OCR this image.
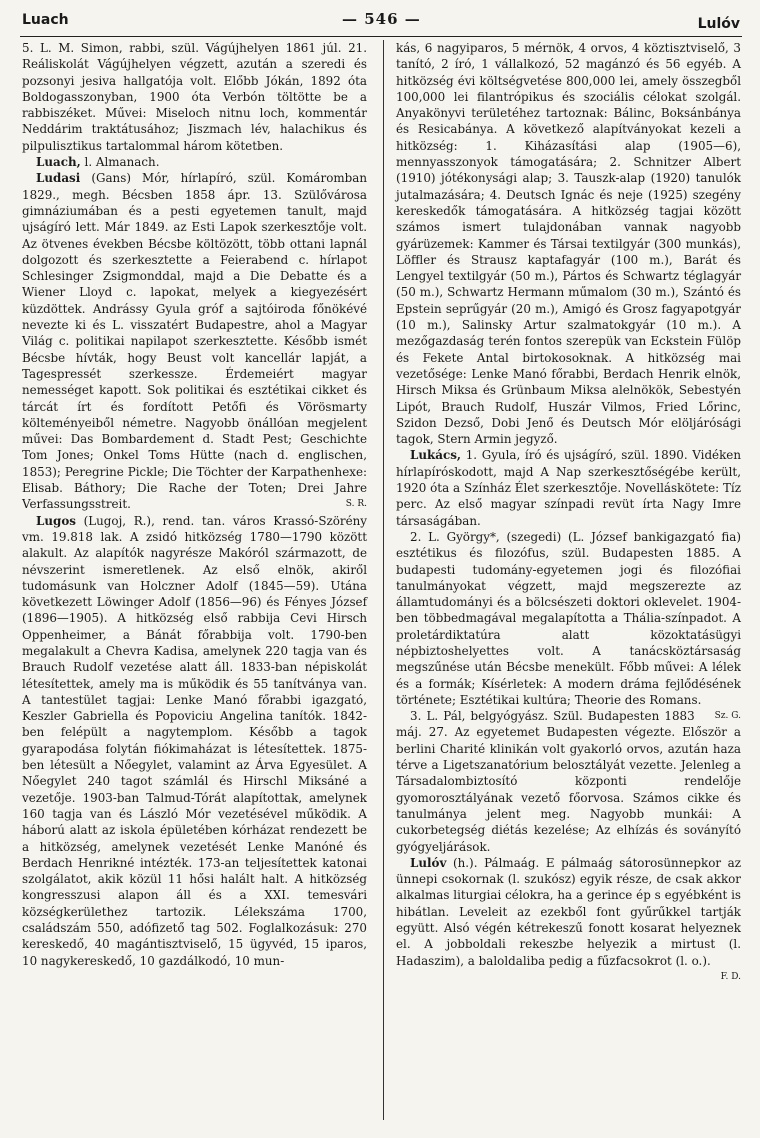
Luach	— 546 —	Lulóv

5. L. M. Simon, rabbi, szül. Vágújhelyen 1861 júl. 21. Reáliskolát Vágújhelyen végzett, azután a szeredi és pozsonyi jesiva hallgatója volt. Előbb Jókán, 1892 óta Boldogasszonyban, 1900 óta Verbón töltötte be a rabbiszéket. Művei: Miseloch nitnu loch, kommentár Neddárim traktátusához; Jiszmach lév, halachikus és pilpulisztikus tartalommal három kötetben.

Luach, l. Almanach.

Ludasi (Gans) Mór, hírlapíró, szül. Komáromban 1829., megh. Bécsben 1858 ápr. 13. Szülővárosa gimnáziumában és a pesti egyetemen tanult, majd ujságíró lett. Már 1849. az Esti Lapok szerkesztője volt. Az ötvenes években Bécsbe költözött, több ottani lapnál dolgozott és szerkesztette a Feierabend c. hírlapot Schlesinger Zsigmonddal, majd a Die Debatte és a Wiener Lloyd c. lapokat, melyek a kiegyezésért küzdöttek. Andrássy Gyula gróf a sajtóiroda főnökévé nevezte ki és L. visszatért Budapestre, ahol a Magyar Világ c. politikai napilapot szerkesztette. Később ismét Bécsbe hívták, hogy Beust volt kancellár lapját, a Tagespressét szerkessze. Érdemeiért magyar nemességet kapott. Sok politikai és esztétikai cikket és tárcát írt és fordított Petőfi és Vörösmarty költeményeiből németre. Nagyobb önállóan megjelent művei: Das Bombardement d. Stadt Pest; Geschichte Tom Jones; Onkel Toms Hütte (nach d. englischen, 1853); Peregrine Pickle; Die Töchter der Karpathenhexe: Elisab. Báthory; Die Rache der Toten; Drei Jahre Verfassungsstreit.	S. R.

Lugos (Lugoj, R.), rend. tan. város Krassó-Szörény vm. 19.818 lak. A zsidó hitközség 1780—1790 között alakult. Az alapítók nagyrésze Makóról származott, de névszerint ismeretlenek. Az első elnök, akiről tudomásunk van Holczner Adolf (1845—59). Utána következett Löwinger Adolf (1856—96) és Fényes József (1896—1905). A hitközség első rabbija Cevi Hirsch Oppenheimer, a Bánát főrabbija volt. 1790-ben megalakult a Chevra Kadisa, amelynek 220 tagja van és Brauch Rudolf vezetése alatt áll. 1833-ban népiskolát létesítettek, amely ma is működik és 55 tanítványa van. A tantestület tagjai: Lenke Manó főrabbi igazgató, Keszler Gabriella és Popoviciu Angelina tanítók. 1842-ben felépült a nagytemplom. Később a tagok gyarapodása folytán fiókimaházat is létesítettek. 1875-ben létesült a Nőegylet, valamint az Árva Egyesület. A Nőegylet 240 tagot számlál és Hirschl Miksáné a vezetője. 1903-ban Talmud-Tórát alapítottak, amelynek 160 tagja van és László Mór vezetésével működik. A háború alatt az iskola épületében kórházat rendezett be a hitközség, amelynek vezetését Lenke Manóné és Berdach Henrikné intézték. 173-an teljesítettek katonai szolgálatot, akik közül 11 hősi halált halt. A hitközség kongresszusi alapon áll és a XXI. temesvári községkerülethez tartozik. Lélekszáma 1700, családszám 550, adófizető tag 502. Foglalkozásuk: 270 kereskedő, 40 magántisztviselő, 15 ügyvéd, 15 iparos, 10 nagykereskedő, 10 gazdálkodó, 10 mun-

kás, 6 nagyiparos, 5 mérnök, 4 orvos, 4 köztisztviselő, 3 tanító, 2 író, 1 vállalkozó, 52 magánzó és 56 egyéb. A hitközség évi költségvetése 800,000 lei, amely összegből 100,000 lei filantrópikus és szociális célokat szolgál. Anyakönyvi területéhez tartoznak: Bálinc, Boksánbánya és Resicabánya. A következő alapítványokat kezeli a hitközség: 1. Kiházasítási alap (1905—6), mennyasszonyok támogatására; 2. Schnitzer Albert (1910) jótékonysági alap; 3. Tauszk-alap (1920) tanulók jutalmazására; 4. Deutsch Ignác és neje (1925) szegény kereskedők támogatására. A hitközség tagjai között számos ismert tulajdonában vannak nagyobb gyárüzemek: Kammer és Társai textilgyár (300 munkás), Löffler és Strausz kaptafagyár (100 m.), Barát és Lengyel textilgyár (50 m.), Pártos és Schwartz téglagyár (50 m.), Schwartz Hermann műmalom (30 m.), Szántó és Epstein seprűgyár (20 m.), Amigó és Grosz fagyapotgyár (10 m.), Salinsky Artur szalmatokgyár (10 m.). A mezőgazdaság terén fontos szerepük van Eckstein Fülöp és Fekete Antal birtokosoknak. A hitközség mai vezetősége: Lenke Manó főrabbi, Berdach Henrik elnök, Hirsch Miksa és Grünbaum Miksa alelnökök, Sebestyén Lipót, Brauch Rudolf, Huszár Vilmos, Fried Lőrinc, Szidon Dezső, Dobi Jenő és Deutsch Mór elöljárósági tagok, Stern Armin jegyző.

Lukács, 1. Gyula, író és ujságíró, szül. 1890. Vidéken hírlapíróskodott, majd A Nap szerkesztőségébe került, 1920 óta a Színház Élet szerkesztője. Novelláskötete: Tíz perc. Az első magyar színpadi revüt írta Nagy Imre társaságában.

2. L. György*, (szegedi) (L. József bankigazgató fia) esztétikus és filozófus, szül. Budapesten 1885. A budapesti tudomány-egyetemen jogi és filozófiai tanulmányokat végzett, majd megszerezte az államtudományi és a bölcsészeti doktori oklevelet. 1904-ben többedmagával megalapította a Thália-színpadot. A proletárdiktatúra alatt közoktatásügyi népbiztoshelyettes volt. A tanácsköztársaság megszűnése után Bécsbe menekült. Főbb művei: A lélek és a formák; Kísérletek: A modern dráma fejlődésének története; Esztétikai kultúra; Theorie des Romans.
Sz. G.

3. L. Pál, belgyógyász. Szül. Budapesten 1883 máj. 27. Az egyetemet Budapesten végezte. Először a berlini Charité klinikán volt gyakorló orvos, azután haza térve a Ligetszanatórium belosztályát vezette. Jelenleg a Társadalombiztosító központi rendelője gyomorosztályának vezető főorvosa. Számos cikke és tanulmánya jelent meg. Nagyobb munkái: A cukorbetegség diétás kezelése; Az elhízás és soványító gyógyeljárások.

Lulóv (h.). Pálmaág. E pálmaág sátorosünnepkor az ünnepi csokornak (l. szukósz) egyik része, de csak akkor alkalmas liturgiai célokra, ha a gerince ép s egyébként is hibátlan. Leveleit az ezekből font gyűrűkkel tartják együtt. Alsó végén kétrekeszű fonott kosarat helyeznek el. A jobboldali rekeszbe helyezik a mirtust (l. Hadaszim), a baloldaliba pedig a fűzfacsokrot (l. o.).
F. D.
